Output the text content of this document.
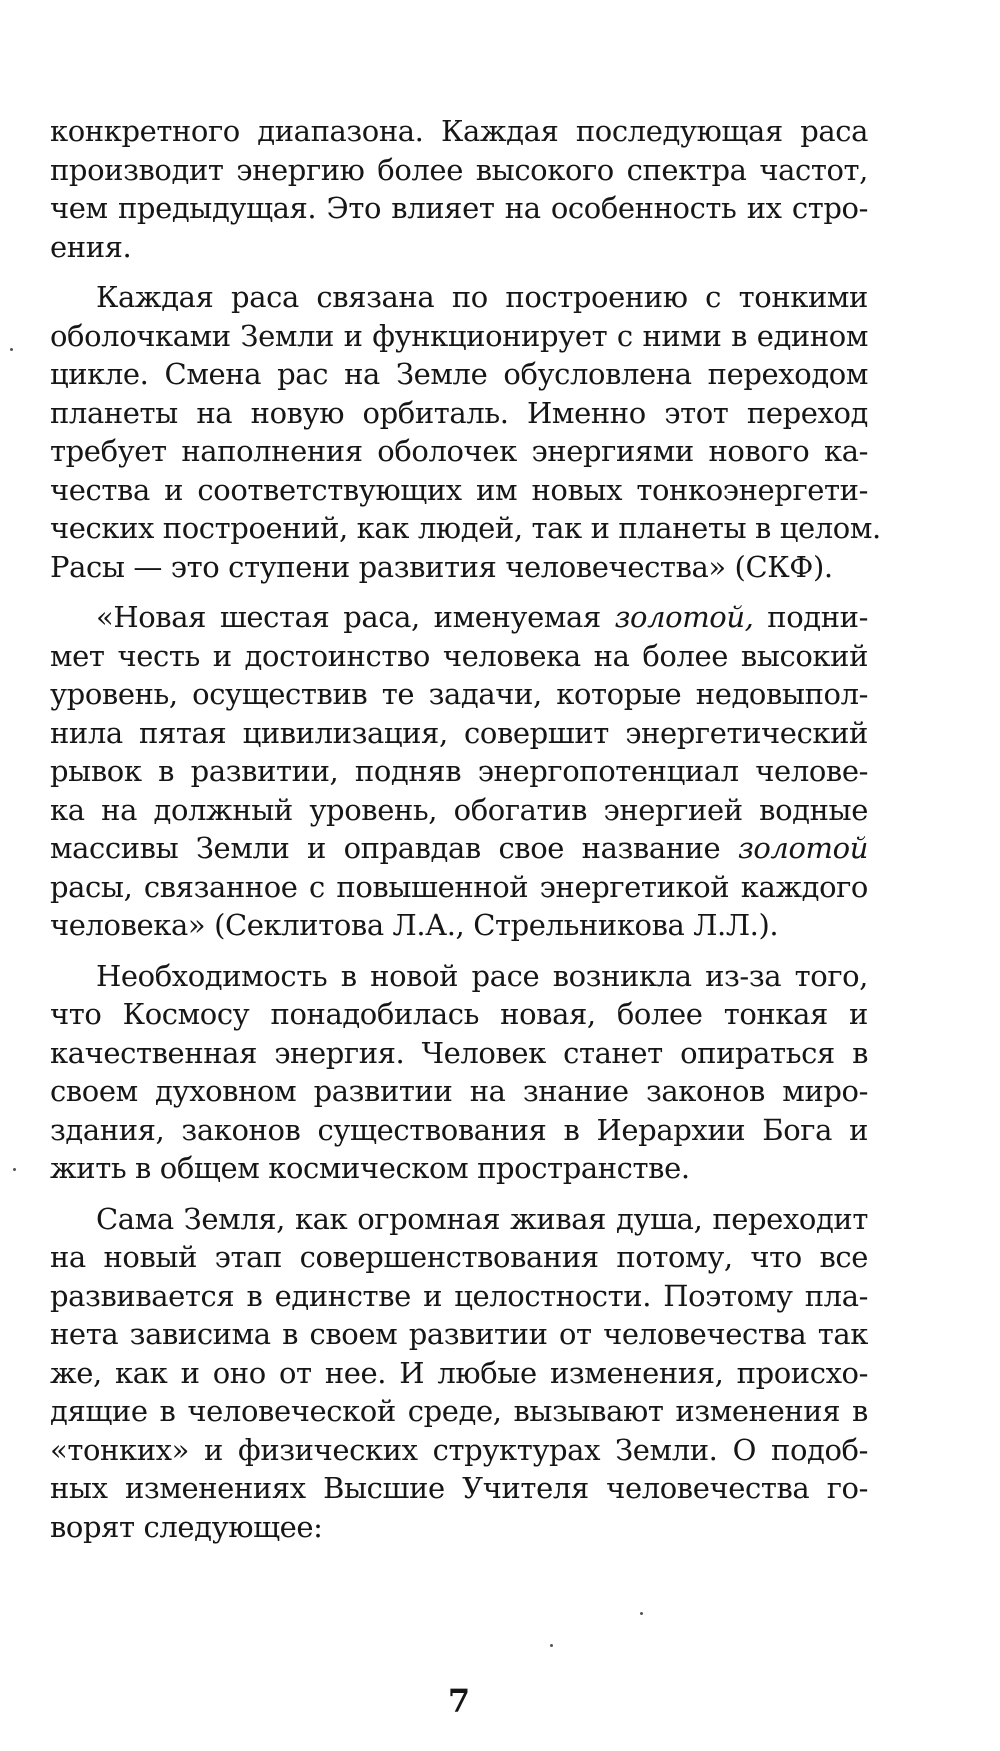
конкретного диапазона. Каждая последующая раса
производит энергию более высокого спектра частот,
чем предыдущая. Это влияет на особенность их стро-
ения.
Каждая раса связана по построению с тонкими
оболочками Земли и функционирует с ними в едином
цикле. Смена рас на Земле обусловлена переходом
планеты на новую орбиталь. Именно этот переход
требует наполнения оболочек энергиями нового ка-
чества и соответствующих им новых тонкоэнергети-
ческих построений, как людей, так и планеты в целом.
Расы — это ступени развития человечества» (СКФ).
«Новая шестая раса, именуемая золотой, подни-
мет честь и достоинство человека на более высокий
уровень, осуществив те задачи, которые недовыпол-
нила пятая цивилизация, совершит энергетический
рывок в развитии, подняв энергопотенциал челове-
ка на должный уровень, обогатив энергией водные
массивы Земли и оправдав свое название золотой
расы, связанное с повышенной энергетикой каждого
человека» (Секлитова Л.А., Стрельникова Л.Л.).
Необходимость в новой расе возникла из-за того,
что Космосу понадобилась новая, более тонкая и
качественная энергия. Человек станет опираться в
своем духовном развитии на знание законов миро-
здания, законов существования в Иерархии Бога и
жить в общем космическом пространстве.
Сама Земля, как огромная живая душа, переходит
на новый этап совершенствования потому, что все
развивается в единстве и целостности. Поэтому пла-
нета зависима в своем развитии от человечества так
же, как и оно от нее. И любые изменения, происхо-
дящие в человеческой среде, вызывают изменения в
«тонких» и физических структурах Земли. О подоб-
ных изменениях Высшие Учителя человечества го-
ворят следующее:
7
